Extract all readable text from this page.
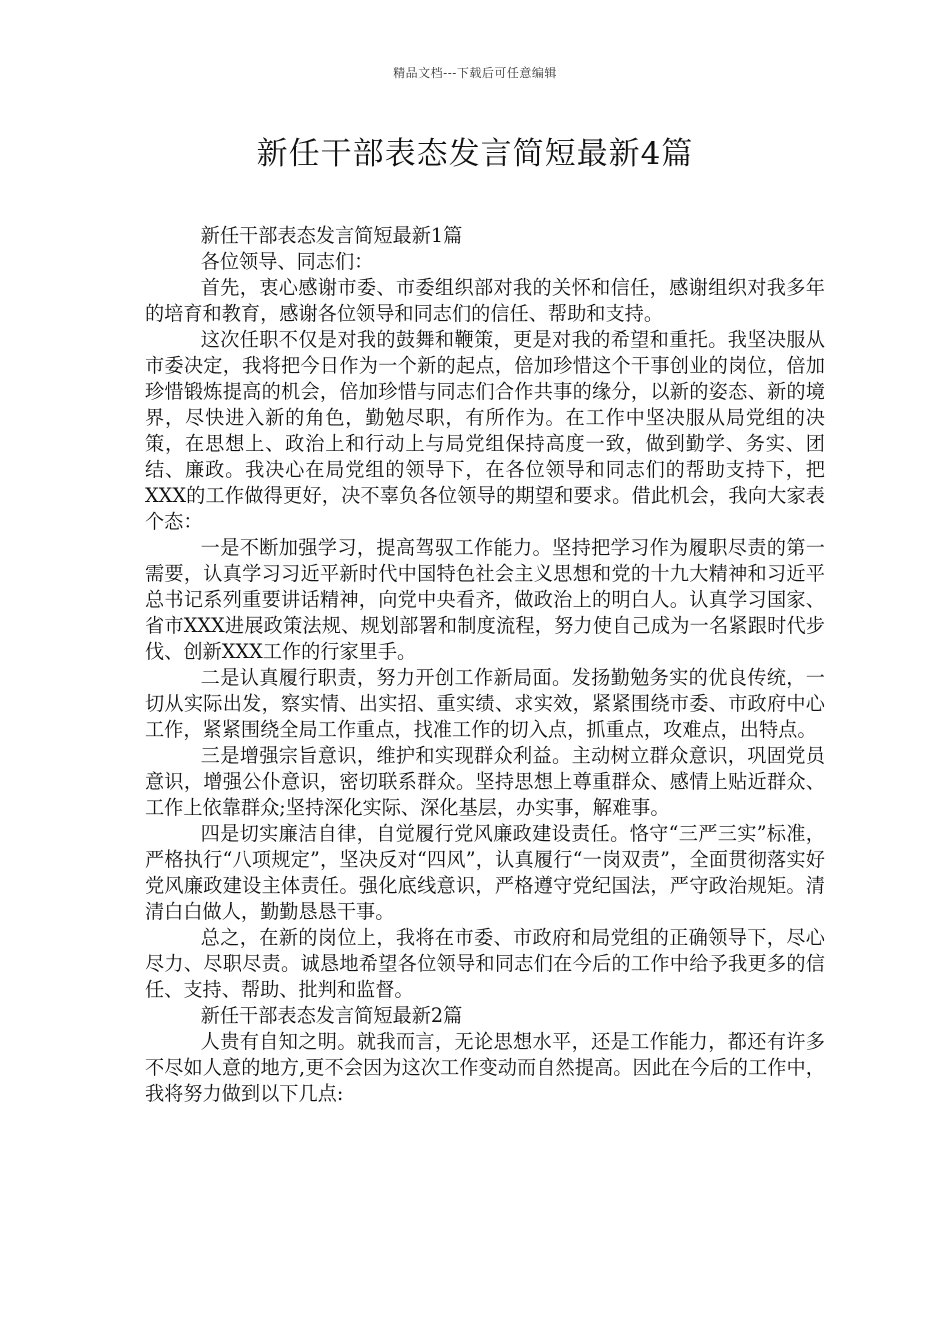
精品文档---下载后可任意编辑
新任干部表态发言简短最新4篇

新任干部表态发言简短最新1篇

各位领导、同志们：

首先，衷心感谢市委、市委组织部对我的关怀和信任，感谢组织对我多年的培育和教育，感谢各位领导和同志们的信任、帮助和支持。

这次任职不仅是对我的鼓舞和鞭策，更是对我的希望和重托。我坚决服从市委决定，我将把今日作为一个新的起点，倍加珍惜这个干事创业的岗位，倍加珍惜锻炼提高的机会，倍加珍惜与同志们合作共事的缘分，以新的姿态、新的境界，尽快进入新的角色，勤勉尽职，有所作为。在工作中坚决服从局党组的决策，在思想上、政治上和行动上与局党组保持高度一致，做到勤学、务实、团结、廉政。我决心在局党组的领导下，在各位领导和同志们的帮助支持下，把XXX的工作做得更好，决不辜负各位领导的期望和要求。借此机会，我向大家表个态：

一是不断加强学习，提高驾驭工作能力。坚持把学习作为履职尽责的第一需要，认真学习习近平新时代中国特色社会主义思想和党的十九大精神和习近平总书记系列重要讲话精神，向党中央看齐，做政治上的明白人。认真学习国家、省市XXX进展政策法规、规划部署和制度流程，努力使自己成为一名紧跟时代步伐、创新XXX工作的行家里手。

二是认真履行职责，努力开创工作新局面。发扬勤勉务实的优良传统，一切从实际出发，察实情、出实招、重实绩、求实效，紧紧围绕市委、市政府中心工作，紧紧围绕全局工作重点，找准工作的切入点，抓重点，攻难点，出特点。

三是增强宗旨意识，维护和实现群众利益。主动树立群众意识，巩固党员意识，增强公仆意识，密切联系群众。坚持思想上尊重群众、感情上贴近群众、工作上依靠群众;坚持深化实际、深化基层，办实事，解难事。

四是切实廉洁自律，自觉履行党风廉政建设责任。恪守“三严三实”标准，严格执行“八项规定”，坚决反对“四风”，认真履行“一岗双责”，全面贯彻落实好党风廉政建设主体责任。强化底线意识，严格遵守党纪国法，严守政治规矩。清清白白做人，勤勤恳恳干事。

总之，在新的岗位上，我将在市委、市政府和局党组的正确领导下，尽心尽力、尽职尽责。诚恳地希望各位领导和同志们在今后的工作中给予我更多的信任、支持、帮助、批判和监督。

新任干部表态发言简短最新2篇

人贵有自知之明。就我而言，无论思想水平，还是工作能力，都还有许多不尽如人意的地方,更不会因为这次工作变动而自然提高。因此在今后的工作中，我将努力做到以下几点:
